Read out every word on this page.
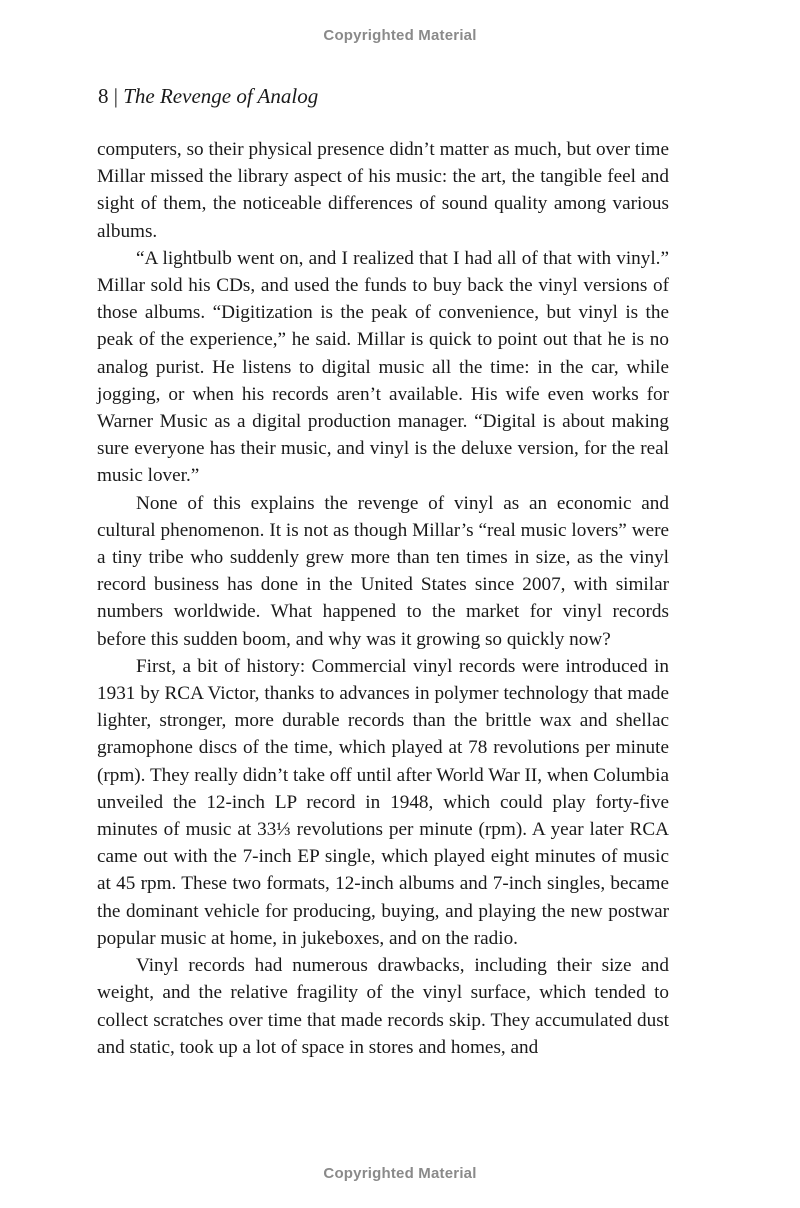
Copyrighted Material
8 | The Revenge of Analog

computers, so their physical presence didn’t matter as much, but over time Millar missed the library aspect of his music: the art, the tangible feel and sight of them, the noticeable differences of sound quality among various albums.

“A lightbulb went on, and I realized that I had all of that with vinyl.” Millar sold his CDs, and used the funds to buy back the vinyl versions of those albums. “Digitization is the peak of convenience, but vinyl is the peak of the experience,” he said. Millar is quick to point out that he is no analog purist. He listens to digital music all the time: in the car, while jogging, or when his records aren’t available. His wife even works for Warner Music as a digital production manager. “Digital is about making sure everyone has their music, and vinyl is the deluxe version, for the real music lover.”

None of this explains the revenge of vinyl as an economic and cultural phenomenon. It is not as though Millar’s “real music lovers” were a tiny tribe who suddenly grew more than ten times in size, as the vinyl record business has done in the United States since 2007, with similar numbers worldwide. What happened to the market for vinyl records before this sudden boom, and why was it growing so quickly now?

First, a bit of history: Commercial vinyl records were introduced in 1931 by RCA Victor, thanks to advances in polymer technology that made lighter, stronger, more durable records than the brittle wax and shellac gramophone discs of the time, which played at 78 revolutions per minute (rpm). They really didn’t take off until after World War II, when Columbia unveiled the 12-inch LP record in 1948, which could play forty-five minutes of music at 33⅓ revolutions per minute (rpm). A year later RCA came out with the 7-inch EP single, which played eight minutes of music at 45 rpm. These two formats, 12-inch albums and 7-inch singles, became the dominant vehicle for producing, buying, and playing the new postwar popular music at home, in jukeboxes, and on the radio.

Vinyl records had numerous drawbacks, including their size and weight, and the relative fragility of the vinyl surface, which tended to collect scratches over time that made records skip. They accumulated dust and static, took up a lot of space in stores and homes, and

Copyrighted Material
